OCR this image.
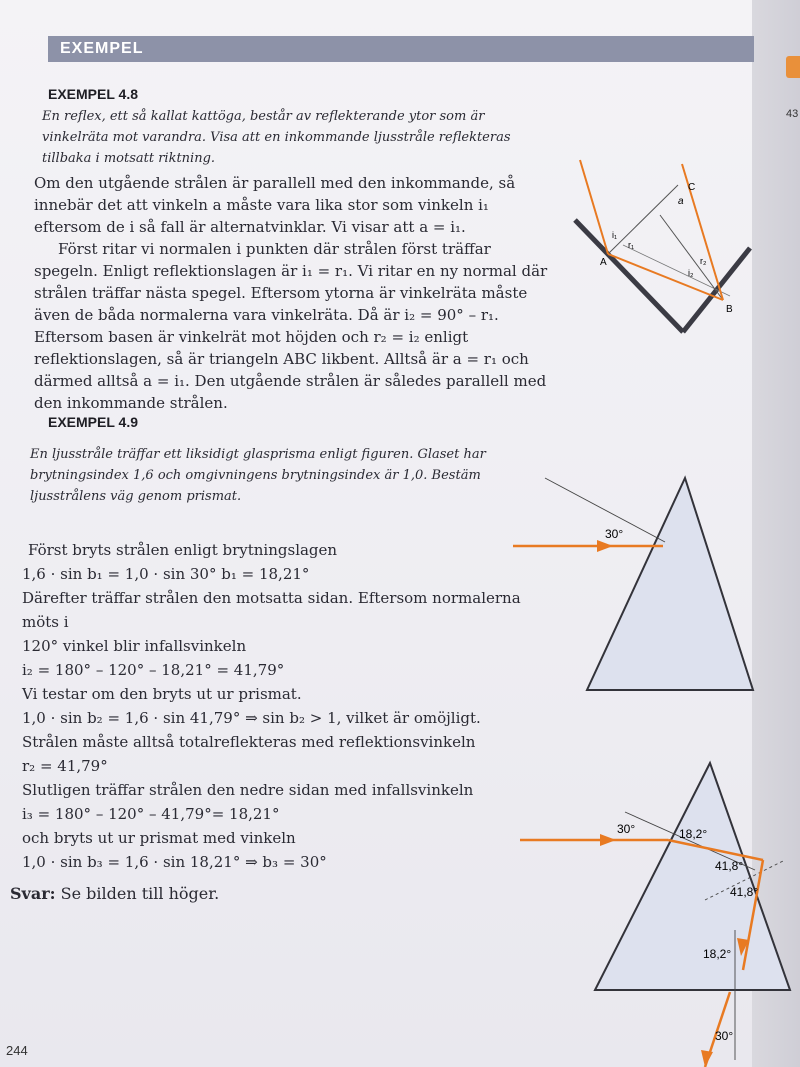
43
EXEMPEL
EXEMPEL 4.8
En reflex, ett så kallat kattöga, består av reflekterande ytor som är vinkelräta mot varandra. Visa att en inkommande ljusstråle reflekteras tillbaka i motsatt riktning.

Om den utgående strålen är parallell med den inkommande, så innebär det att vinkeln a måste vara lika stor som vinkeln i₁ eftersom de i så fall är alternatvinklar. Vi visar att a = i₁.

Först ritar vi normalen i punkten där strålen först träffar spegeln. Enligt reflektionslagen är i₁ = r₁. Vi ritar en ny normal där strålen träffar nästa spegel. Eftersom ytorna är vinkelräta måste även de båda normalerna vara vinkelräta. Då är i₂ = 90° – r₁. Eftersom basen är vinkelrät mot höjden och r₂ = i₂ enligt reflektionslagen, så är triangeln ABC likbent. Alltså är a = r₁ och därmed alltså a = i₁. Den utgående strålen är således parallell med den inkommande strålen.

A
B
C
a
i₁
r₁
i₂
r₂
EXEMPEL 4.9
En ljusstråle träffar ett liksidigt glasprisma enligt figuren. Glaset har brytningsindex 1,6 och omgivningens brytningsindex är 1,0. Bestäm ljusstrålens väg genom prismat.

Först bryts strålen enligt brytningslagen

1,6 · sin b₁ = 1,0 · sin 30° b₁ = 18,21°

Därefter träffar strålen den motsatta sidan. Eftersom normalerna möts i

120° vinkel blir infallsvinkeln

i₂ = 180° – 120° – 18,21° = 41,79°

Vi testar om den bryts ut ur prismat.

1,0 · sin b₂ = 1,6 · sin 41,79° ⇒ sin b₂ > 1, vilket är omöjligt.

Strålen måste alltså totalreflekteras med reflektionsvinkeln

r₂ = 41,79°

Slutligen träffar strålen den nedre sidan med infallsvinkeln

i₃ = 180° – 120° – 41,79°= 18,21°

och bryts ut ur prismat med vinkeln

1,0 · sin b₃ = 1,6 · sin 18,21° ⇒ b₃ = 30°

Svar: Se bilden till höger.
30°
30°	18,2°
41,8°
41,8°
18,2°
30°
244
